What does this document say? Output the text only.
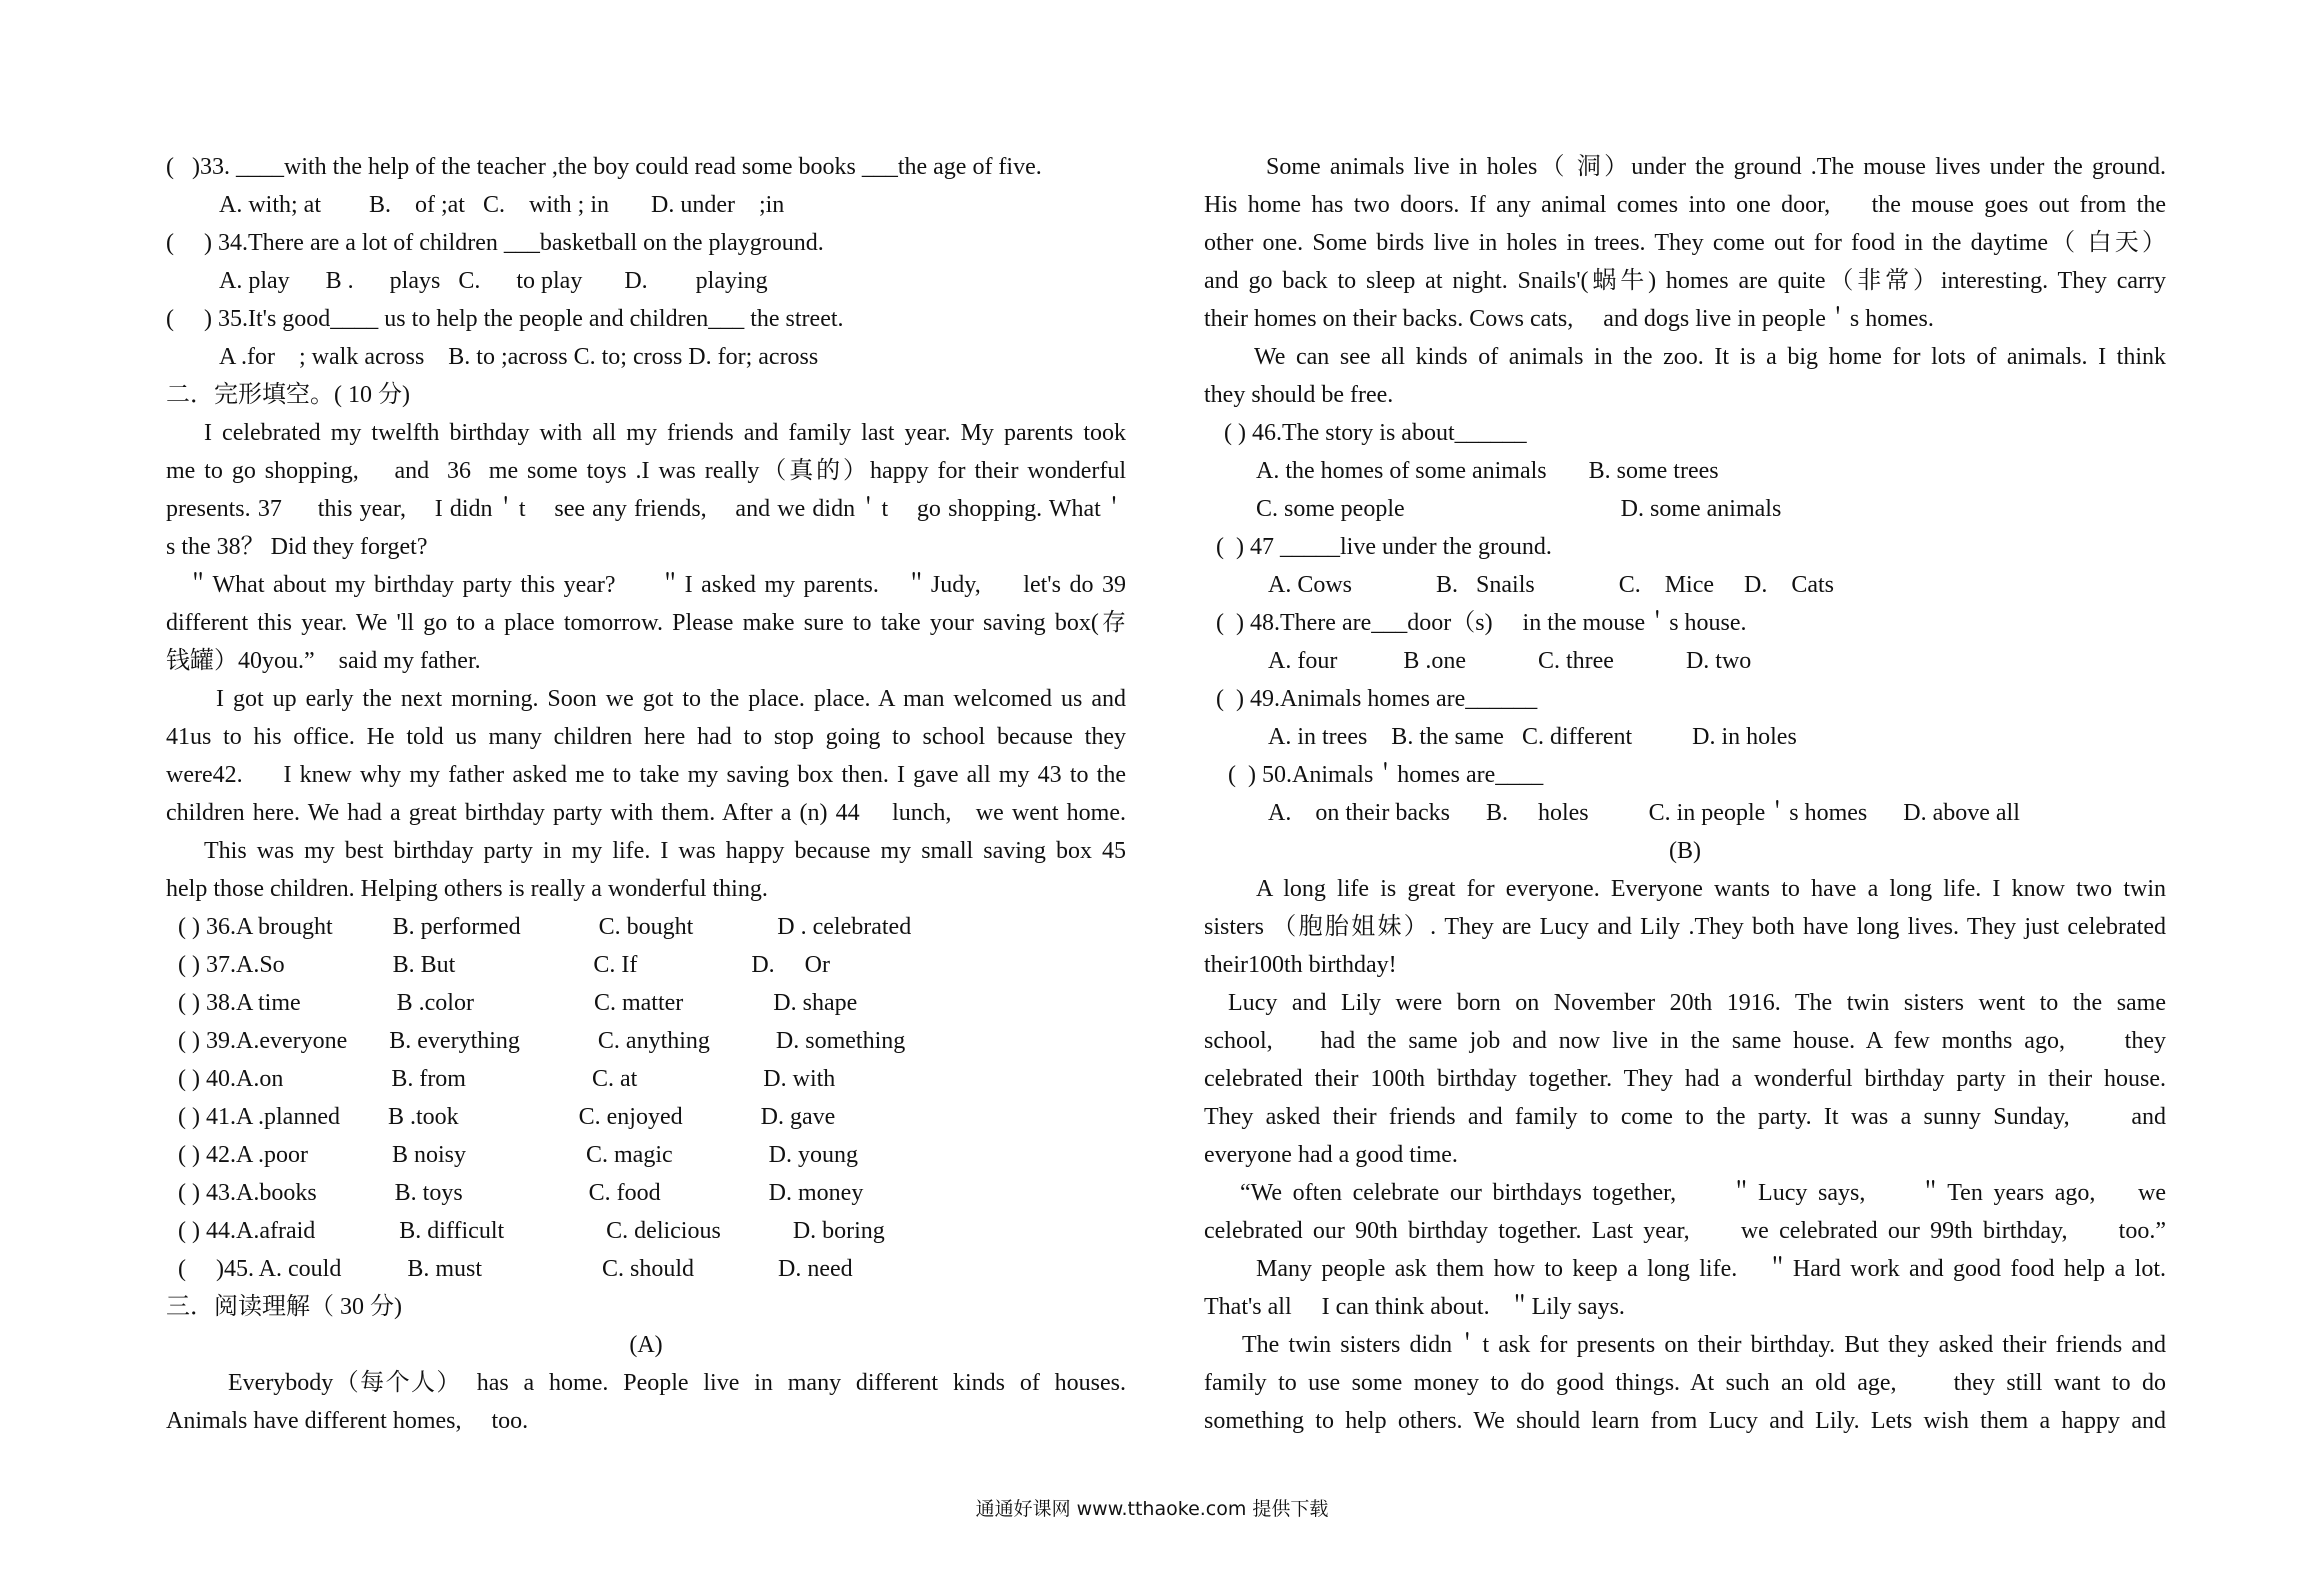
(   )33. ____with the help of the teacher ,the boy could read some books ___the age of five.
A. with; at        B.    of ;at   C.    with ; in       D. under    ;in
(     ) 34.There are a lot of children ___basketball on the playground.
A. play      B .      plays   C.      to play       D.        playing
(     ) 35.It's good____ us to help the people and children___ the street.
A .for    ; walk across    B. to ;across C. to; cross D. for; across
二．完形填空。( 10 分)
I celebrated my twelfth birthday with all my friends and family last year. My parents took
me to go shopping,    and  36  me some toys .I was really（真的）happy for their wonderful
presents. 37     this year,    I didn＇t    see any friends,    and we didn＇t    go shopping. What＇
s the 38？ Did they forget?
＂What about my birthday party this year?     ＂I asked my parents.   ＂Judy,     let's do 39
different this year. We 'll go to a place tomorrow. Please make sure to take your saving box(存
钱罐）40you.”    said my father.
I got up early the next morning. Soon we got to the place. place. A man welcomed us and
41us to his office. He told us many children here had to stop going to school because they
were42.     I knew why my father asked me to take my saving box then. I gave all my 43 to the
children here. We had a great birthday party with them. After a (n) 44    lunch,   we went home.
This was my best birthday party in my life. I was happy because my small saving box 45
help those children. Helping others is really a wonderful thing.
( ) 36.A brought          B. performed             C. bought              D . celebrated
( ) 37.A.So                  B. But                       C. If                   D.     Or
( ) 38.A time                B .color                    C. matter               D. shape
( ) 39.A.everyone       B. everything             C. anything           D. something
( ) 40.A.on                  B. from                     C. at                     D. with
( ) 41.A .planned        B .took                    C. enjoyed             D. gave
( ) 42.A .poor              B noisy                    C. magic                D. young
( ) 43.A.books             B. toys                     C. food                  D. money
( ) 44.A.afraid              B. difficult                 C. delicious            D. boring
(     )45. A. could           B. must                    C. should              D. need
三．阅读理解（ 30 分)
(A)
Everybody（每个人）  has  a  home.  People  live  in  many  different  kinds  of  houses.
Animals have different homes,     too.
Some animals live in holes（ 洞）under the ground .The mouse lives under the ground.
His home has two doors. If any animal comes into one door,    the mouse goes out from the
other one. Some birds live in holes in trees. They come out for food in the daytime（ 白天）
and go back to sleep at night. Snails'(蜗牛) homes are quite（非常）interesting. They carry
their homes on their backs. Cows cats,     and dogs live in people＇s homes.
We can see all kinds of animals in the zoo. It is a big home for lots of animals. I think
they should be free.
( ) 46.The story is about______
A. the homes of some animals       B. some trees
C. some people                                    D. some animals
(  ) 47 _____live under the ground.
A. Cows              B.   Snails              C.    Mice     D.    Cats
(  ) 48.There are___door（s)     in the mouse＇s house.
A. four           B .one            C. three            D. two
(  ) 49.Animals homes are______
A. in trees    B. the same   C. different          D. in holes
(  ) 50.Animals＇homes are____
A.    on their backs      B.     holes          C. in people＇s homes      D. above all
(B)
A long life is great for everyone. Everyone wants to have a long life. I know two twin
sisters （胞胎姐妹）. They are Lucy and Lily .They both have long lives. They just celebrated
their100th birthday!
Lucy and Lily were born on November 20th 1916. The twin sisters went to the same
school,    had the same job and now live in the same house. A few months ago,     they
celebrated their 100th birthday together. They had a wonderful birthday party in their house.
They asked their friends and family to come to the party. It was a sunny Sunday,     and
everyone had a good time.
“We often celebrate our birthdays together,     ＂Lucy says,     ＂Ten years ago,    we
celebrated our 90th birthday together. Last year,     we celebrated our 99th birthday,     too.”
Many people ask them how to keep a long life.   ＂Hard work and good food help a lot.
That's all     I can think about.   ＂Lily says.
The twin sisters didn＇t ask for presents on their birthday. But they asked their friends and
family to use some money to do good things. At such an old age,     they still want to do
something to help others. We should learn from Lucy and Lily. Lets wish them a happy and
通通好课网 www.tthaoke.com 提供下载
